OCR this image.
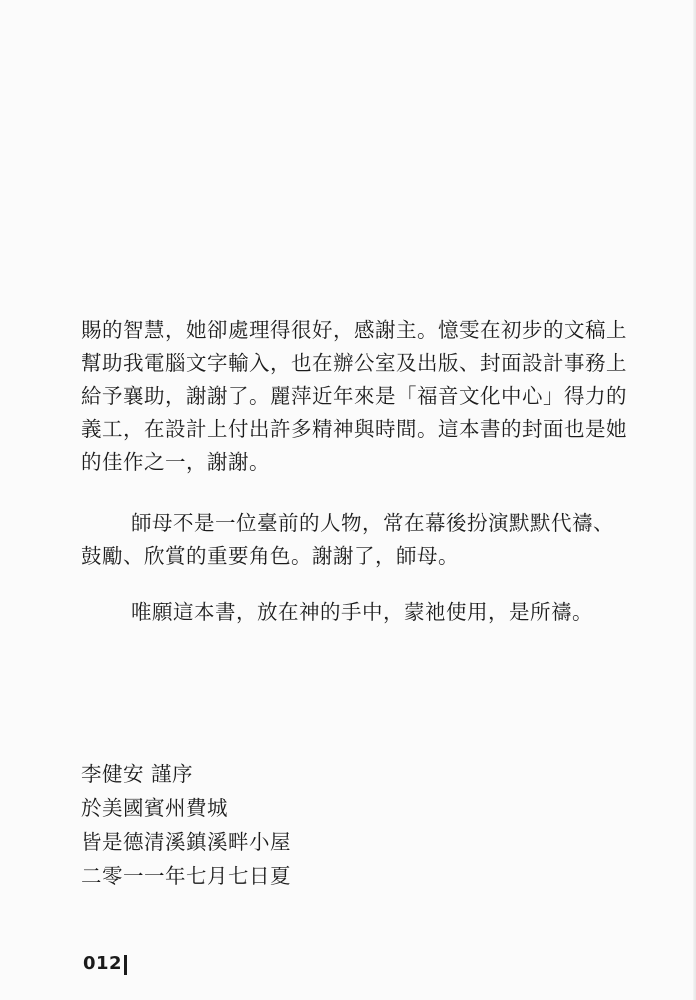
賜的智慧，她卻處理得很好，感謝主。憶雯在初步的文稿上

幫助我電腦文字輸入，也在辦公室及出版、封面設計事務上

給予襄助，謝謝了。麗萍近年來是「福音文化中心」得力的

義工，在設計上付出許多精神與時間。這本書的封面也是她

的佳作之一，謝謝。

師母不是一位臺前的人物，常在幕後扮演默默代禱、

鼓勵、欣賞的重要角色。謝謝了，師母。

唯願這本書，放在神的手中，蒙祂使用，是所禱。

李健安 謹序

於美國賓州費城

皆是德清溪鎮溪畔小屋

二零一一年七月七日夏

012
